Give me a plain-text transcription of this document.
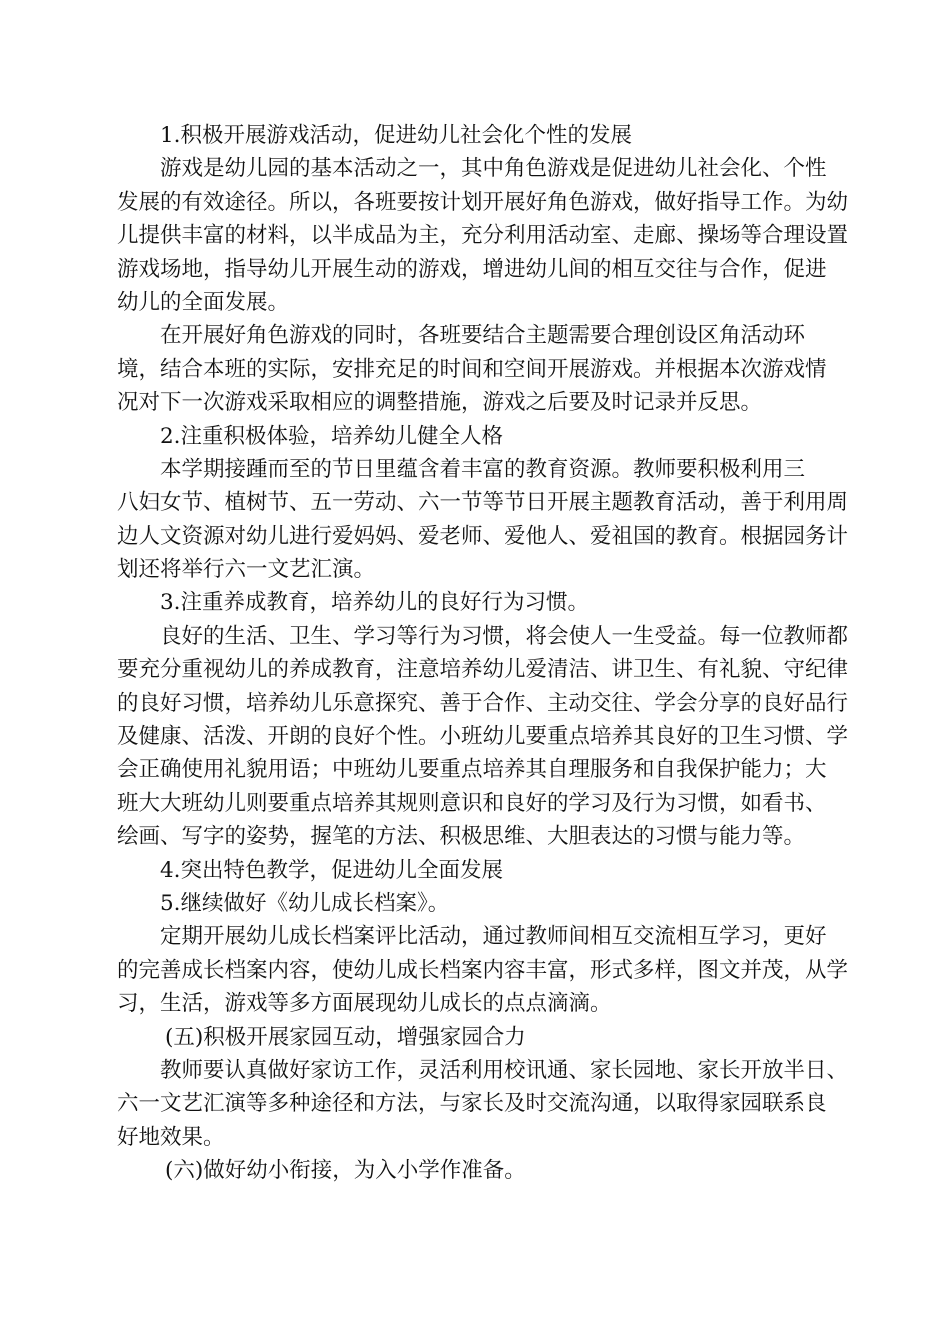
1.积极开展游戏活动，促进幼儿社会化个性的发展
游戏是幼儿园的基本活动之一，其中角色游戏是促进幼儿社会化、个性
发展的有效途径。所以，各班要按计划开展好角色游戏，做好指导工作。为幼
儿提供丰富的材料，以半成品为主，充分利用活动室、走廊、操场等合理设置
游戏场地，指导幼儿开展生动的游戏，增进幼儿间的相互交往与合作，促进
幼儿的全面发展。
在开展好角色游戏的同时，各班要结合主题需要合理创设区角活动环
境，结合本班的实际，安排充足的时间和空间开展游戏。并根据本次游戏情
况对下一次游戏采取相应的调整措施，游戏之后要及时记录并反思。
2.注重积极体验，培养幼儿健全人格
本学期接踵而至的节日里蕴含着丰富的教育资源。教师要积极利用三
八妇女节、植树节、五一劳动、六一节等节日开展主题教育活动，善于利用周
边人文资源对幼儿进行爱妈妈、爱老师、爱他人、爱祖国的教育。根据园务计
划还将举行六一文艺汇演。
3.注重养成教育，培养幼儿的良好行为习惯。
良好的生活、卫生、学习等行为习惯，将会使人一生受益。每一位教师都
要充分重视幼儿的养成教育，注意培养幼儿爱清洁、讲卫生、有礼貌、守纪律
的良好习惯，培养幼儿乐意探究、善于合作、主动交往、学会分享的良好品行
及健康、活泼、开朗的良好个性。小班幼儿要重点培养其良好的卫生习惯、学
会正确使用礼貌用语；中班幼儿要重点培养其自理服务和自我保护能力；大
班大大班幼儿则要重点培养其规则意识和良好的学习及行为习惯，如看书、
绘画、写字的姿势，握笔的方法、积极思维、大胆表达的习惯与能力等。
4.突出特色教学，促进幼儿全面发展
5.继续做好《幼儿成长档案》。
定期开展幼儿成长档案评比活动，通过教师间相互交流相互学习，更好
的完善成长档案内容，使幼儿成长档案内容丰富，形式多样，图文并茂，从学
习，生活，游戏等多方面展现幼儿成长的点点滴滴。
(五)积极开展家园互动，增强家园合力
教师要认真做好家访工作，灵活利用校讯通、家长园地、家长开放半日、
六一文艺汇演等多种途径和方法，与家长及时交流沟通，以取得家园联系良
好地效果。
(六)做好幼小衔接，为入小学作准备。
